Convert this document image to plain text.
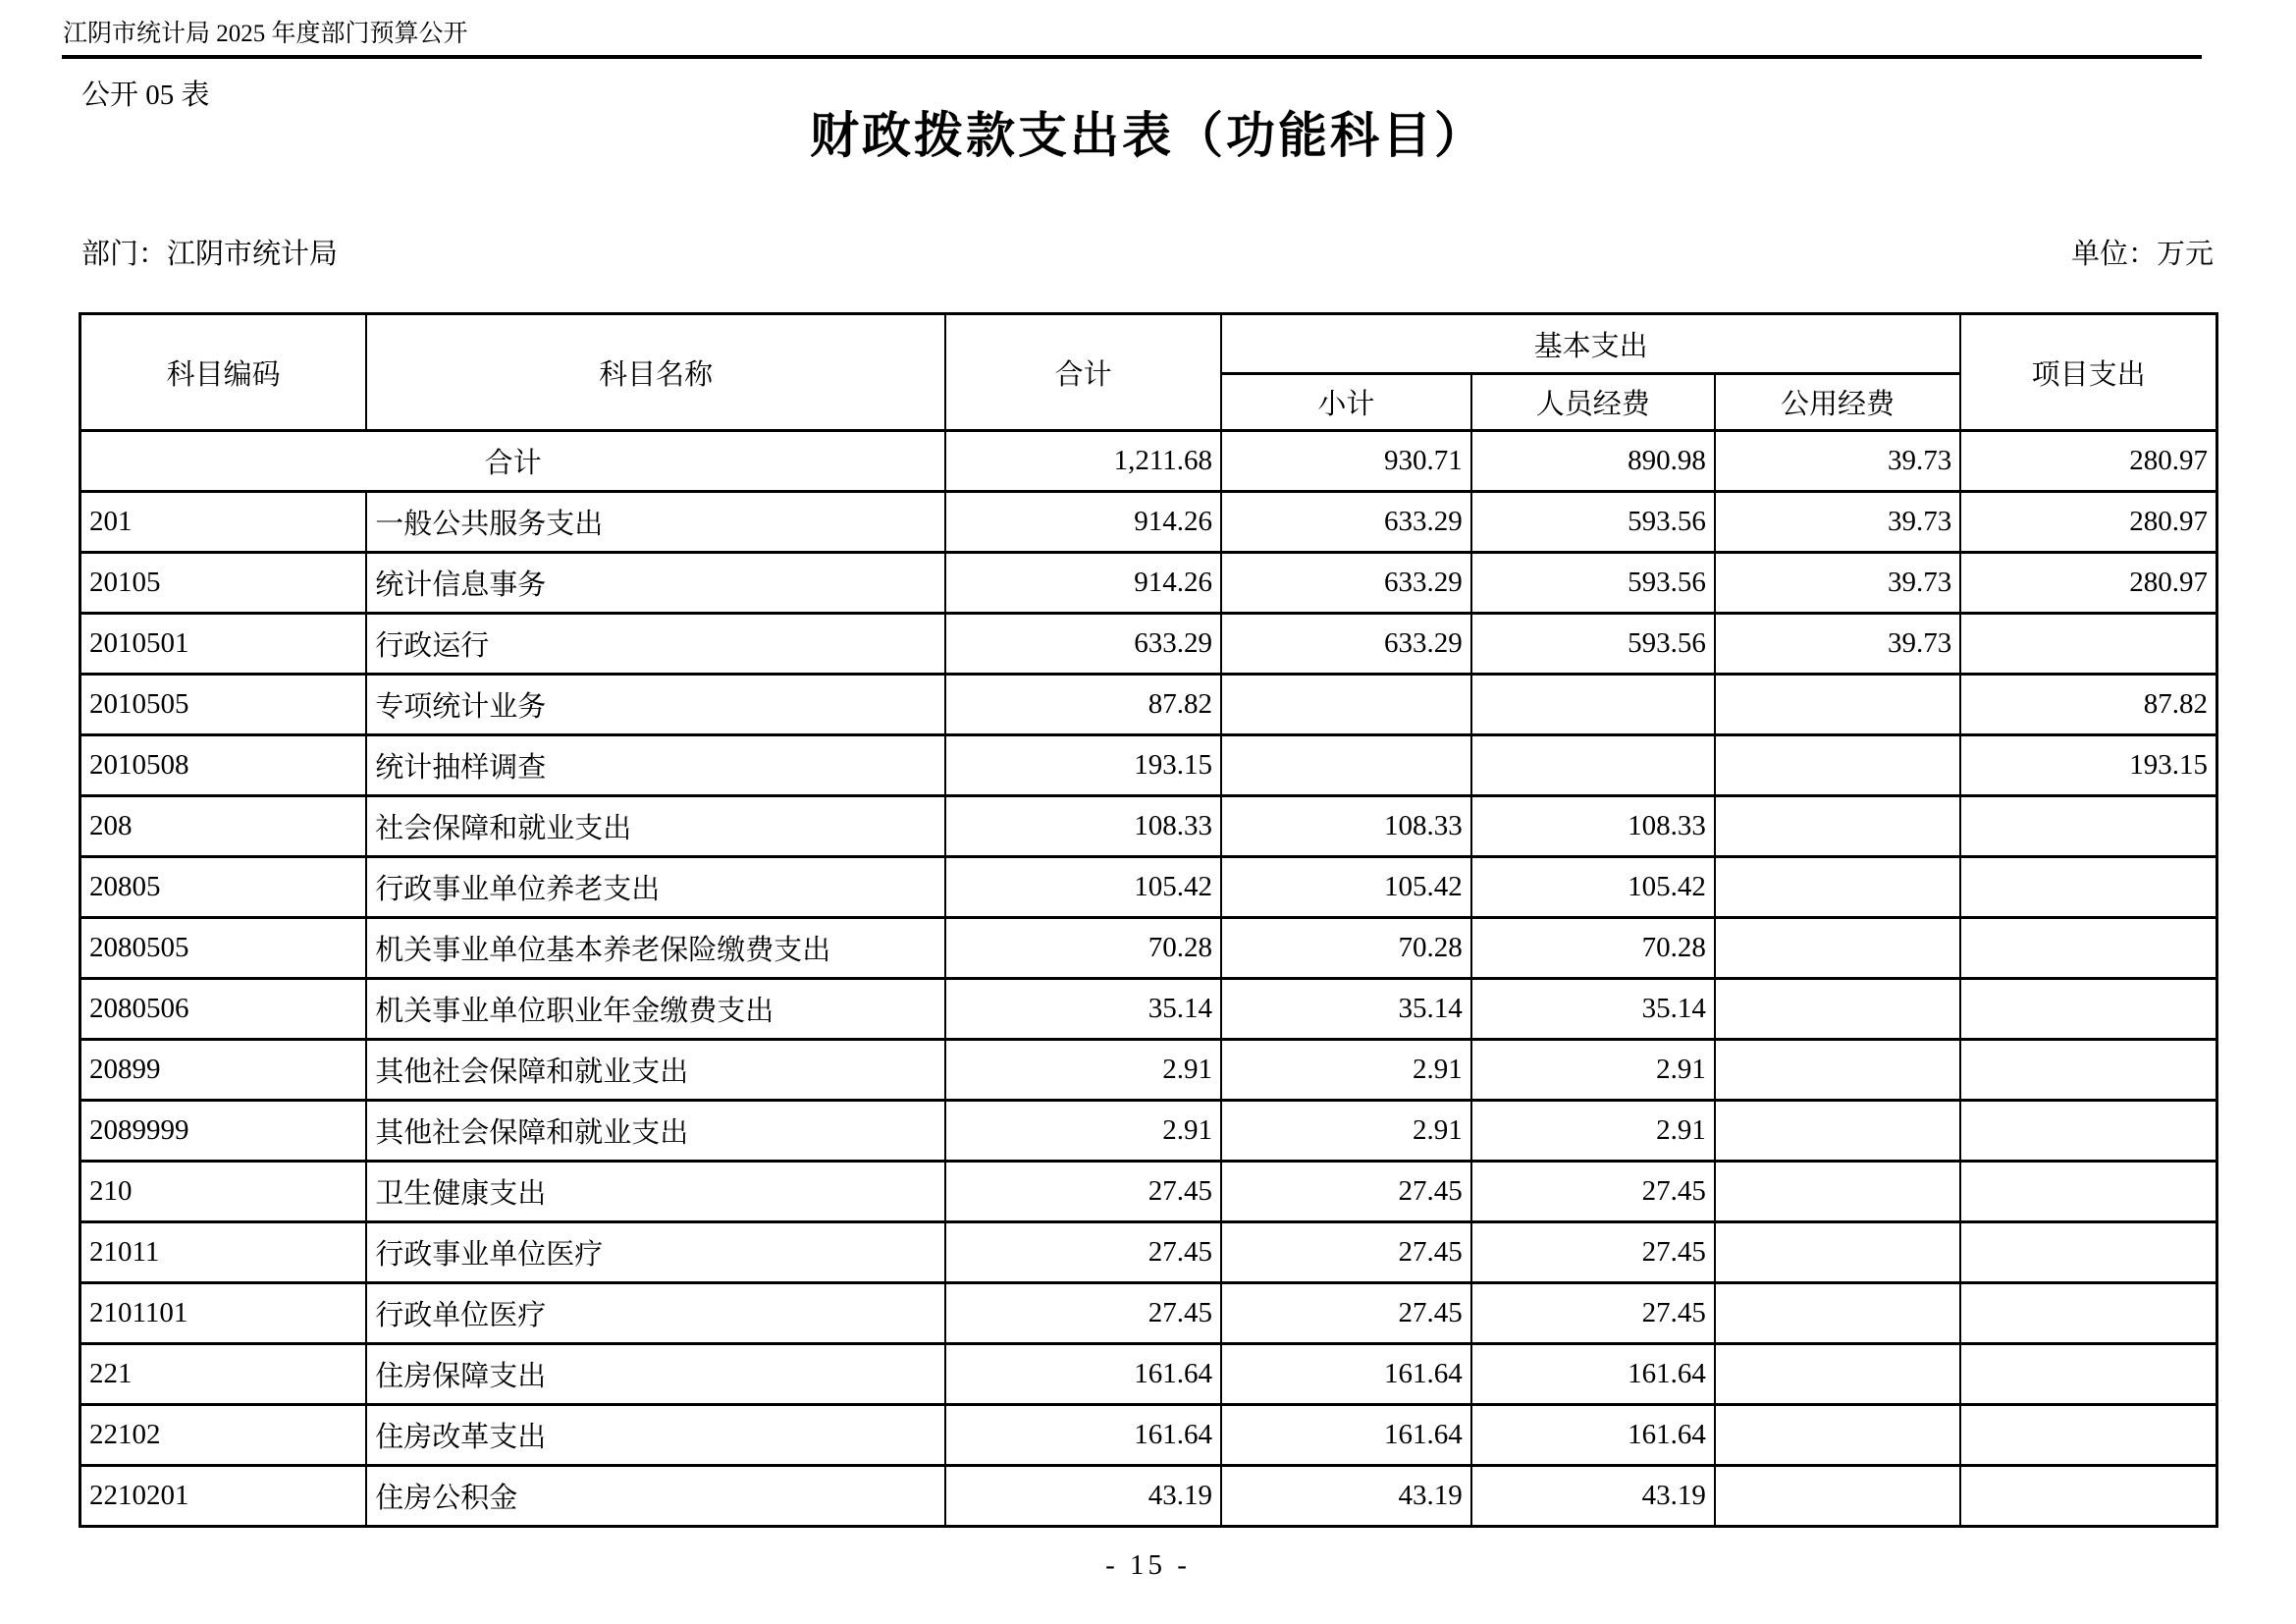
江阴市统计局 2025 年度部门预算公开
公开 05 表
财政拨款支出表（功能科目）
部门：江阴市统计局	单位：万元
科目编码	科目名称	合计	基本支出			项目支出
			小计	人员经费	公用经费	
合计		1,211.68	930.71	890.98	39.73	280.97
201	一般公共服务支出	914.26	633.29	593.56	39.73	280.97
20105	统计信息事务	914.26	633.29	593.56	39.73	280.97
2010501	行政运行	633.29	633.29	593.56	39.73	
2010505	专项统计业务	87.82				87.82
2010508	统计抽样调查	193.15				193.15
208	社会保障和就业支出	108.33	108.33	108.33		
20805	行政事业单位养老支出	105.42	105.42	105.42		
2080505	机关事业单位基本养老保险缴费支出	70.28	70.28	70.28		
2080506	机关事业单位职业年金缴费支出	35.14	35.14	35.14		
20899	其他社会保障和就业支出	2.91	2.91	2.91		
2089999	其他社会保障和就业支出	2.91	2.91	2.91		
210	卫生健康支出	27.45	27.45	27.45		
21011	行政事业单位医疗	27.45	27.45	27.45		
2101101	行政单位医疗	27.45	27.45	27.45		
221	住房保障支出	161.64	161.64	161.64		
22102	住房改革支出	161.64	161.64	161.64		
2210201	住房公积金	43.19	43.19	43.19		
- 15 -
